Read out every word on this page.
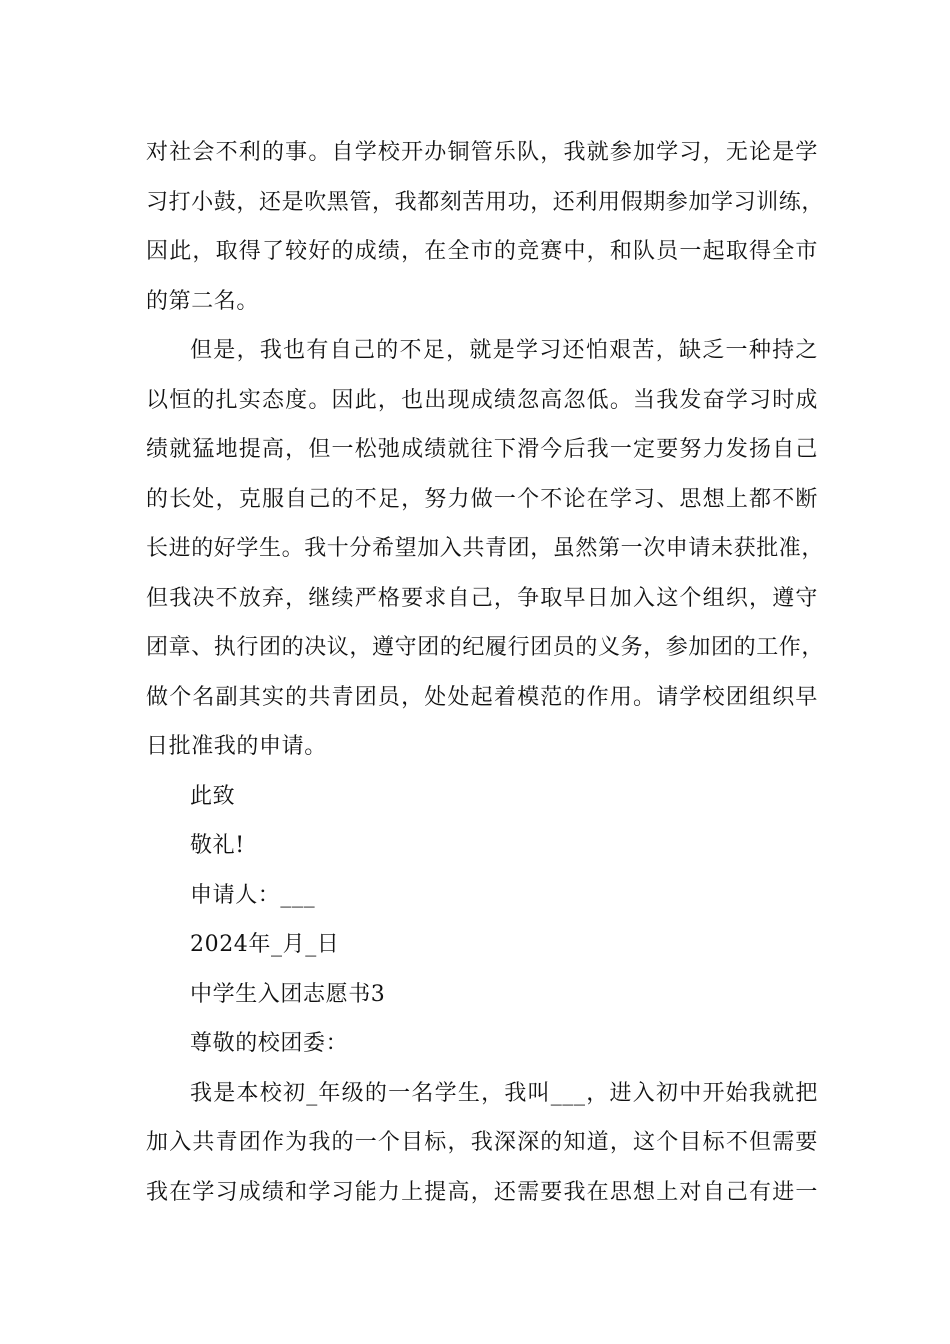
对社会不利的事。自学校开办铜管乐队，我就参加学习，无论是学
习打小鼓，还是吹黑管，我都刻苦用功，还利用假期参加学习训练，
因此，取得了较好的成绩，在全市的竞赛中，和队员一起取得全市
的第二名。
但是，我也有自己的不足，就是学习还怕艰苦，缺乏一种持之
以恒的扎实态度。因此，也出现成绩忽高忽低。当我发奋学习时成
绩就猛地提高，但一松弛成绩就往下滑今后我一定要努力发扬自己
的长处，克服自己的不足，努力做一个不论在学习、思想上都不断
长进的好学生。我十分希望加入共青团，虽然第一次申请未获批准，
但我决不放弃，继续严格要求自己，争取早日加入这个组织，遵守
团章、执行团的决议，遵守团的纪履行团员的义务，参加团的工作，
做个名副其实的共青团员，处处起着模范的作用。请学校团组织早
日批准我的申请。
此致
敬礼!
申请人：___
2024年_月_日
中学生入团志愿书3
尊敬的校团委：
我是本校初_年级的一名学生，我叫___，进入初中开始我就把
加入共青团作为我的一个目标，我深深的知道，这个目标不但需要
我在学习成绩和学习能力上提高，还需要我在思想上对自己有进一
